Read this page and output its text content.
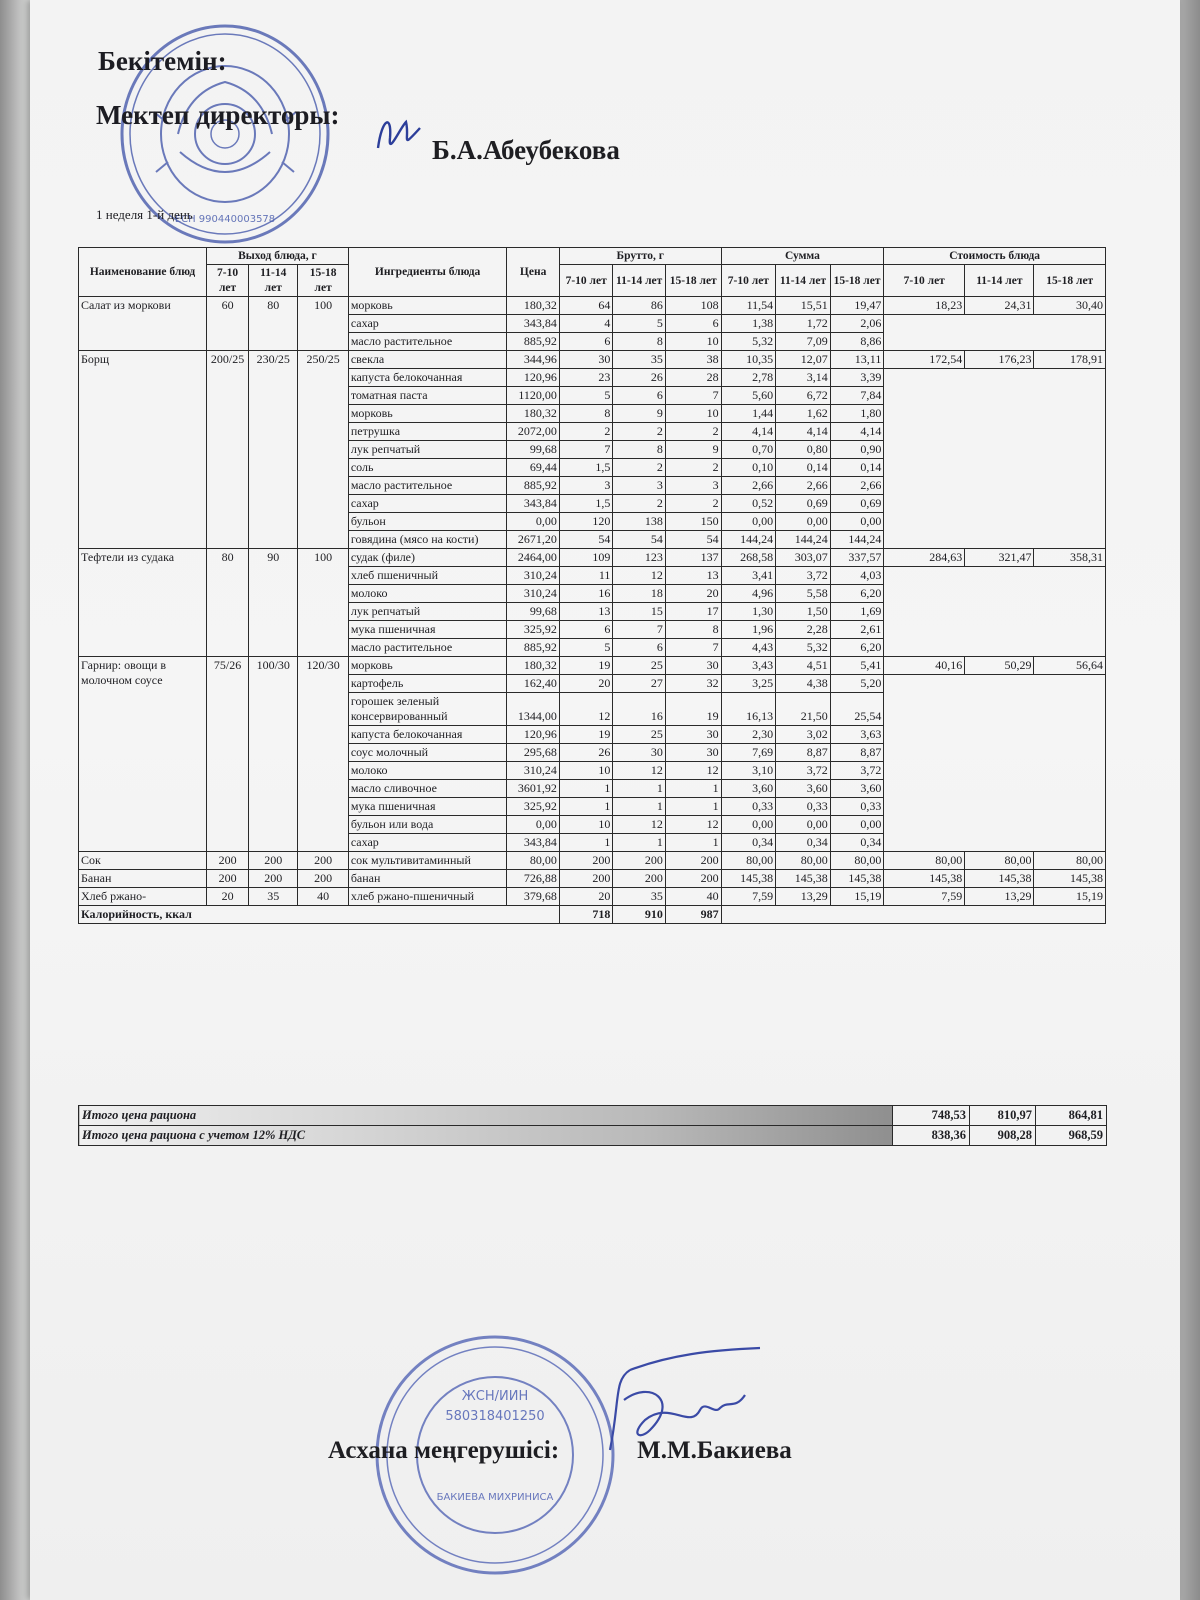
ЕСН 990440003578
Бекітемін:
Мектеп директоры:
Б.А.Абеубекова
1 неделя 1-й день
Наименование блюд	Выход блюда, г			Ингредиенты блюда	Цена	Брутто, г			Сумма			Стоимость блюда		
	7-10 лет	11-14 лет	15-18 лет			7-10 лет	11-14 лет	15-18 лет	7-10 лет	11-14 лет	15-18 лет	7-10 лет	11-14 лет	15-18 лет
Салат из моркови	60	80	100	морковь	180,32	64	86	108	11,54	15,51	19,47	18,23	24,31	30,40
				сахар	343,84	4	5	6	1,38	1,72	2,06			
				масло растительное	885,92	6	8	10	5,32	7,09	8,86			
Борщ	200/25	230/25	250/25	свекла	344,96	30	35	38	10,35	12,07	13,11	172,54	176,23	178,91
				капуста белокочанная	120,96	23	26	28	2,78	3,14	3,39			
				томатная паста	1120,00	5	6	7	5,60	6,72	7,84			
				морковь	180,32	8	9	10	1,44	1,62	1,80			
				петрушка	2072,00	2	2	2	4,14	4,14	4,14			
				лук репчатый	99,68	7	8	9	0,70	0,80	0,90			
				соль	69,44	1,5	2	2	0,10	0,14	0,14			
				масло растительное	885,92	3	3	3	2,66	2,66	2,66			
				сахар	343,84	1,5	2	2	0,52	0,69	0,69			
				бульон	0,00	120	138	150	0,00	0,00	0,00			
				говядина (мясо на кости)	2671,20	54	54	54	144,24	144,24	144,24			
Тефтели из судака	80	90	100	судак (филе)	2464,00	109	123	137	268,58	303,07	337,57	284,63	321,47	358,31
				хлеб пшеничный	310,24	11	12	13	3,41	3,72	4,03			
				молоко	310,24	16	18	20	4,96	5,58	6,20			
				лук репчатый	99,68	13	15	17	1,30	1,50	1,69			
				мука пшеничная	325,92	6	7	8	1,96	2,28	2,61			
				масло растительное	885,92	5	6	7	4,43	5,32	6,20			
Гарнир: овощи в молочном соусе	75/26	100/30	120/30	морковь	180,32	19	25	30	3,43	4,51	5,41	40,16	50,29	56,64
				картофель	162,40	20	27	32	3,25	4,38	5,20			
				горошек зеленый консервированный	1344,00	12	16	19	16,13	21,50	25,54			
				капуста белокочанная	120,96	19	25	30	2,30	3,02	3,63			
				соус молочный	295,68	26	30	30	7,69	8,87	8,87			
				молоко	310,24	10	12	12	3,10	3,72	3,72			
				масло сливочное	3601,92	1	1	1	3,60	3,60	3,60			
				мука пшеничная	325,92	1	1	1	0,33	0,33	0,33			
				бульон или вода	0,00	10	12	12	0,00	0,00	0,00			
				сахар	343,84	1	1	1	0,34	0,34	0,34			
Сок	200	200	200	сок мультивитаминный	80,00	200	200	200	80,00	80,00	80,00	80,00	80,00	80,00
Банан	200	200	200	банан	726,88	200	200	200	145,38	145,38	145,38	145,38	145,38	145,38
Хлеб ржано-	20	35	40	хлеб ржано-пшеничный	379,68	20	35	40	7,59	13,29	15,19	7,59	13,29	15,19
Калорийность, ккал						718	910	987						
Итого цена рациона	748,53	810,97	864,81
Итого цена рациона с учетом 12% НДС	838,36	908,28	968,59
ЖСН/ИИН
580318401250
БАКИЕВА МИХРИНИСА
Асхана меңгерушісі:	М.М.Бакиева
